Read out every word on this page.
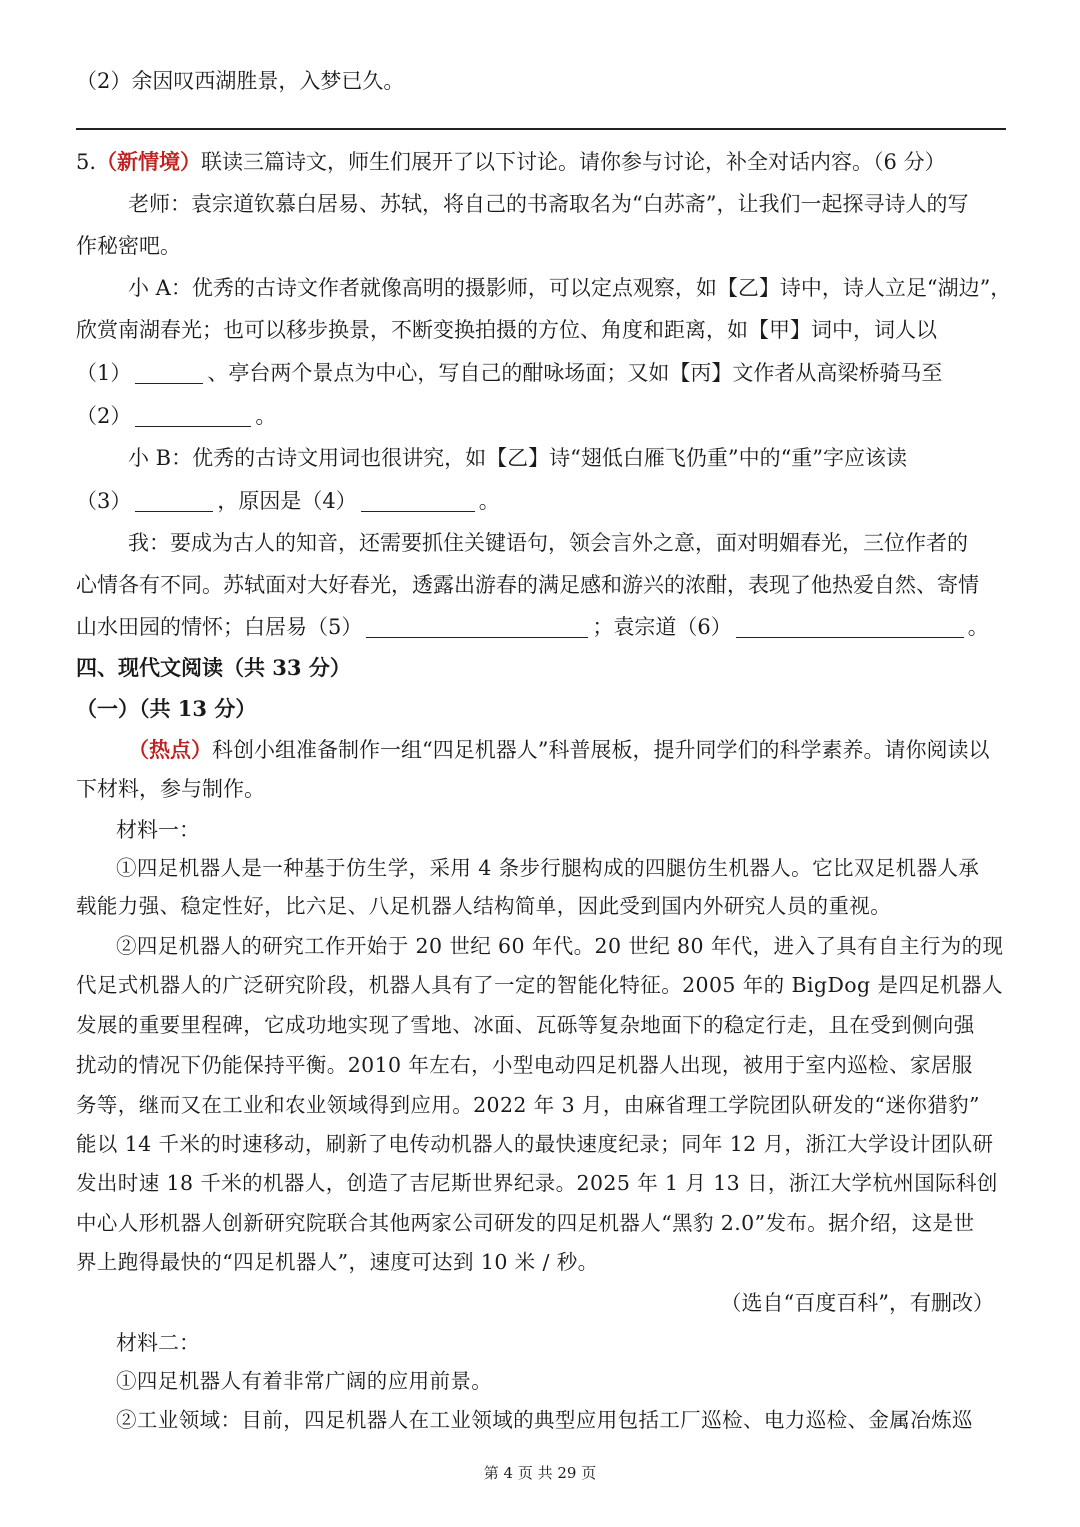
（2）余因叹西湖胜景，入梦已久。
5.（新情境）联读三篇诗文，师生们展开了以下讨论。请你参与讨论，补全对话内容。（6 分）
老师：袁宗道钦慕白居易、苏轼，将自己的书斋取名为“白苏斋”，让我们一起探寻诗人的写
作秘密吧。
小 A：优秀的古诗文作者就像高明的摄影师，可以定点观察，如【乙】诗中，诗人立足“湖边”，
欣赏南湖春光；也可以移步换景，不断变换拍摄的方位、角度和距离，如【甲】词中，词人以
（1）	、亭台两个景点为中心，写自己的酣咏场面；又如【丙】文作者从高梁桥骑马至
（2）	。
小 B：优秀的古诗文用词也很讲究，如【乙】诗“翅低白雁飞仍重”中的“重”字应该读
（3）	，原因是（4）	。
我：要成为古人的知音，还需要抓住关键语句，领会言外之意，面对明媚春光，三位作者的
心情各有不同。苏轼面对大好春光，透露出游春的满足感和游兴的浓酣，表现了他热爱自然、寄情
山水田园的情怀；白居易（5）	；袁宗道（6）	。
四、现代文阅读（共 33 分）
（一）（共 13 分）
（热点）科创小组准备制作一组“四足机器人”科普展板，提升同学们的科学素养。请你阅读以
下材料，参与制作。
材料一：
①四足机器人是一种基于仿生学，采用 4 条步行腿构成的四腿仿生机器人。它比双足机器人承
载能力强、稳定性好，比六足、八足机器人结构简单，因此受到国内外研究人员的重视。
②四足机器人的研究工作开始于 20 世纪 60 年代。20 世纪 80 年代，进入了具有自主行为的现
代足式机器人的广泛研究阶段，机器人具有了一定的智能化特征。2005 年的 BigDog 是四足机器人
发展的重要里程碑，它成功地实现了雪地、冰面、瓦砾等复杂地面下的稳定行走，且在受到侧向强
扰动的情况下仍能保持平衡。2010 年左右，小型电动四足机器人出现，被用于室内巡检、家居服
务等，继而又在工业和农业领域得到应用。2022 年 3 月，由麻省理工学院团队研发的“迷你猎豹”
能以 14 千米的时速移动，刷新了电传动机器人的最快速度纪录；同年 12 月，浙江大学设计团队研
发出时速 18 千米的机器人，创造了吉尼斯世界纪录。2025 年 1 月 13 日，浙江大学杭州国际科创
中心人形机器人创新研究院联合其他两家公司研发的四足机器人“黑豹 2.0”发布。据介绍，这是世
界上跑得最快的“四足机器人”，速度可达到 10 米 / 秒。
（选自“百度百科”，有删改）
材料二：
①四足机器人有着非常广阔的应用前景。
②工业领域：目前，四足机器人在工业领域的典型应用包括工厂巡检、电力巡检、金属冶炼巡
第 4 页 共 29 页
